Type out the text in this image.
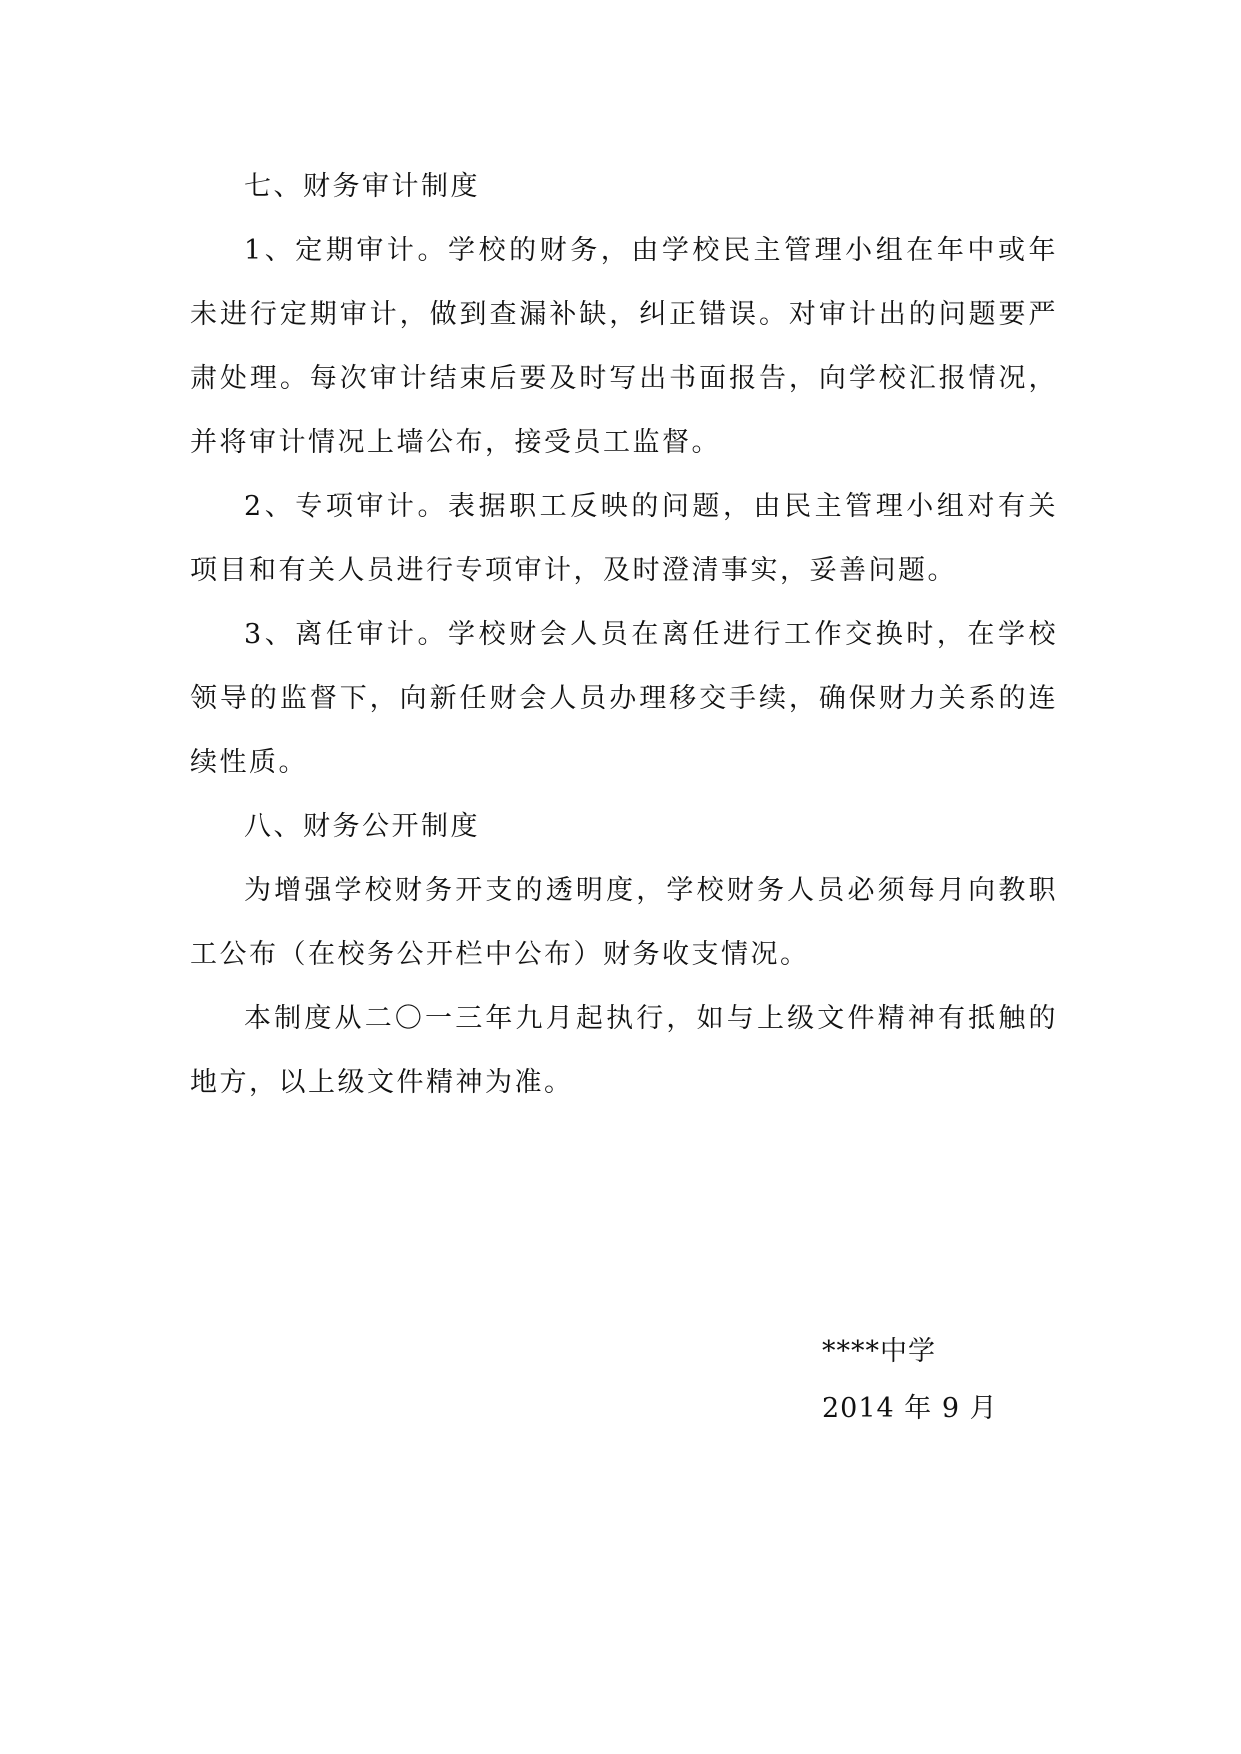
七、财务审计制度

1、定期审计。学校的财务，由学校民主管理小组在年中或年未进行定期审计，做到查漏补缺，纠正错误。对审计出的问题要严肃处理。每次审计结束后要及时写出书面报告，向学校汇报情况，并将审计情况上墙公布，接受员工监督。

2、专项审计。表据职工反映的问题，由民主管理小组对有关项目和有关人员进行专项审计，及时澄清事实，妥善问题。

3、离任审计。学校财会人员在离任进行工作交换时，在学校领导的监督下，向新任财会人员办理移交手续，确保财力关系的连续性质。

八、财务公开制度

为增强学校财务开支的透明度，学校财务人员必须每月向教职工公布（在校务公开栏中公布）财务收支情况。

本制度从二〇一三年九月起执行，如与上级文件精神有抵触的地方，以上级文件精神为准。

****中学
2014 年 9 月
